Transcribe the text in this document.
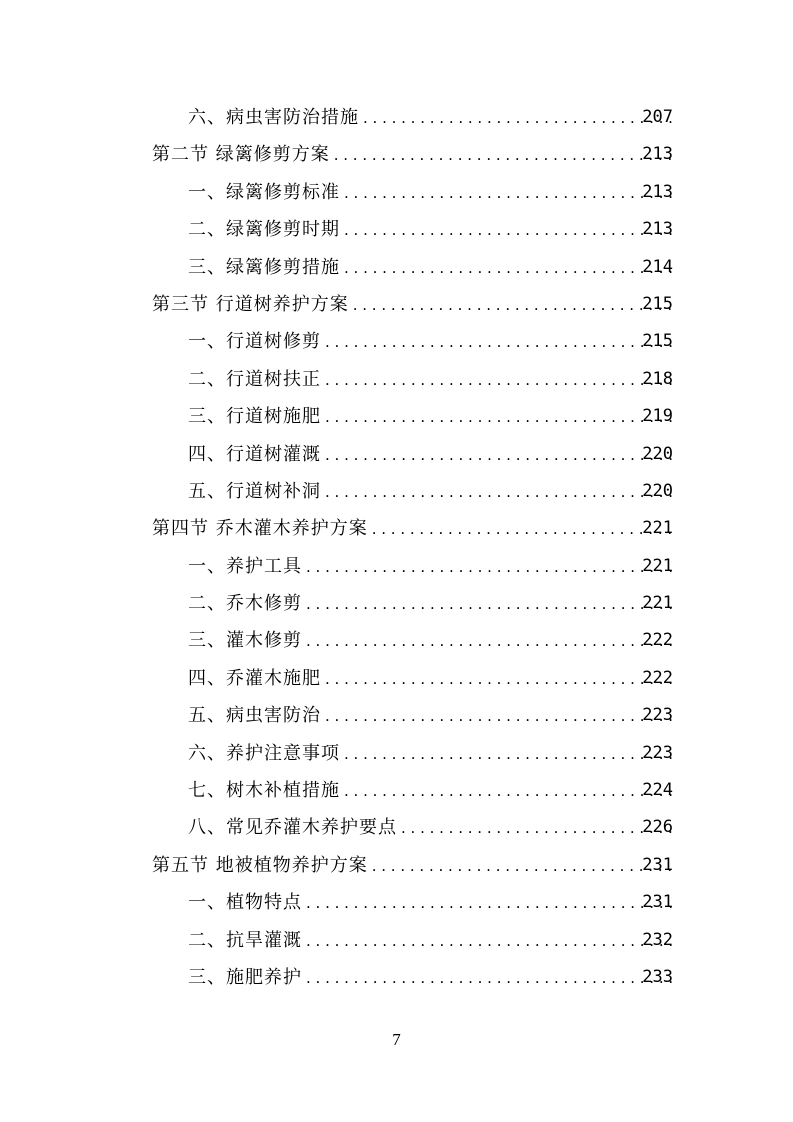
六、病虫害防治措施 . . .	207
第二节 绿篱修剪方案 . . .	213
一、绿篱修剪标准 . . .	213
二、绿篱修剪时期 . . .	213
三、绿篱修剪措施 . . .	214
第三节 行道树养护方案 . . .	215
一、行道树修剪 . . .	215
二、行道树扶正 . . .	218
三、行道树施肥 . . .	219
四、行道树灌溉 . . .	220
五、行道树补洞 . . .	220
第四节 乔木灌木养护方案 . . .	221
一、养护工具 . . .	221
二、乔木修剪 . . .	221
三、灌木修剪 . . .	222
四、乔灌木施肥 . . .	222
五、病虫害防治 . . .	223
六、养护注意事项 . . .	223
七、树木补植措施 . . .	224
八、常见乔灌木养护要点 . . .	226
第五节 地被植物养护方案 . . .	231
一、植物特点 . . .	231
二、抗旱灌溉 . . .	232
三、施肥养护 . . .	233
7
